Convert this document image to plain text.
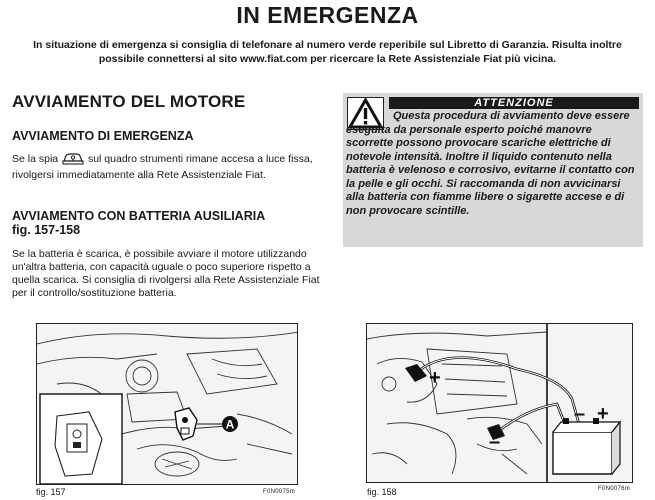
IN EMERGENZA
In situazione di emergenza si consiglia di telefonare al numero verde reperibile sul Libretto di Garanzia. Risulta inoltre possibile connettersi al sito www.fiat.com per ricercare la Rete Assistenziale Fiat più vicina.
AVVIAMENTO DEL MOTORE
AVVIAMENTO DI EMERGENZA
Se la spia	sul quadro strumenti rimane accesa a luce fissa, rivolgersi immediatamente alla Rete Assistenziale Fiat.
AVVIAMENTO CON BATTERIA AUSILIARIA
fig. 157-158
Se la batteria è scarica, è possibile avviare il motore utilizzando un'altra batteria, con capacità uguale o poco superiore rispetto a quella scarica. Si consiglia di rivolgersi alla Rete Assistenziale Fiat per il controllo/sostituzione batteria.
ATTENZIONE
Questa procedura di avviamento deve essere eseguita da personale esperto poiché manovre scorrette possono provocare scariche elettriche di notevole intensità. Inoltre il liquido contenuto nella batteria è velenoso e corrosivo, evitarne il contatto con la pelle e gli occhi. Si raccomanda di non avvicinarsi alla batteria con fiamme libere o sigarette accese e di non provocare scintille.
A
fig. 157	F0N0075m
+
+
–
–
fig. 158	F0N0076m
